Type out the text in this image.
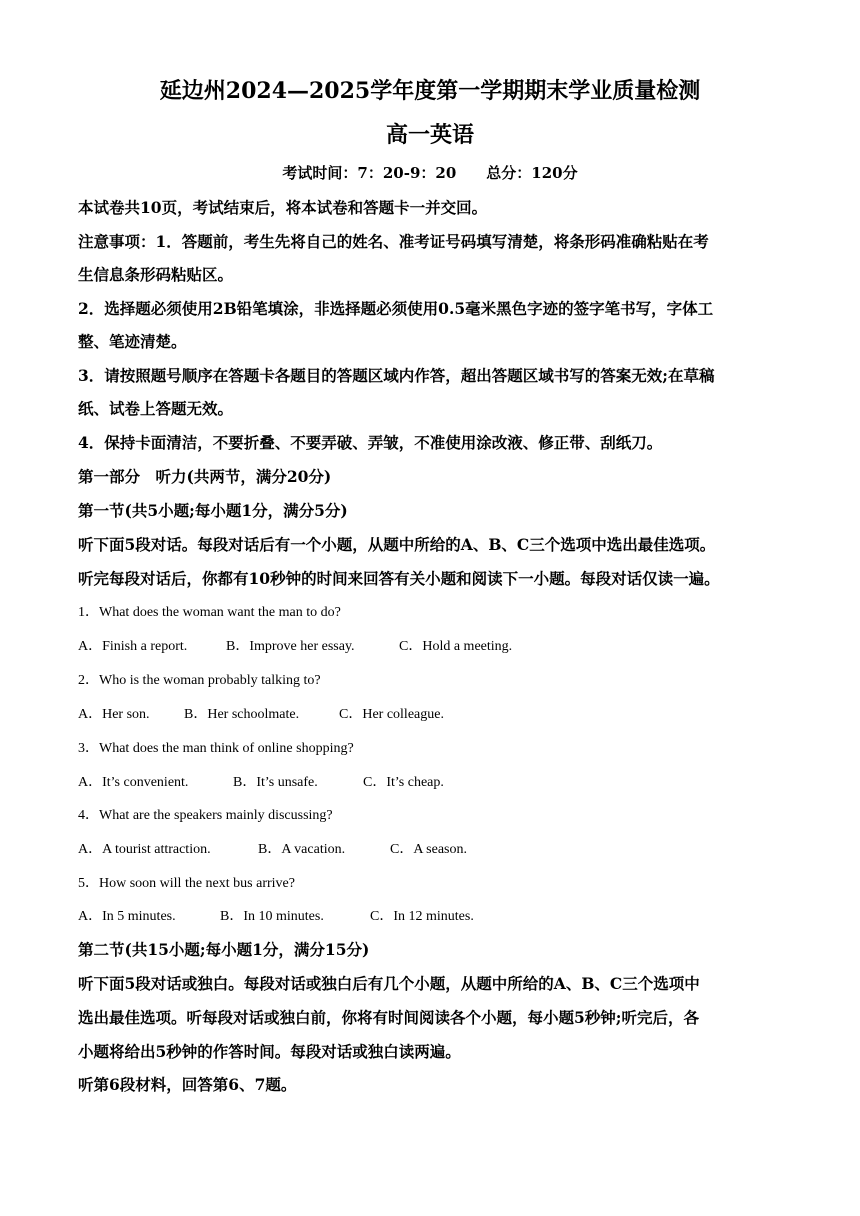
延边州2024—2025学年度第一学期期末学业质量检测
高一英语
考试时间：7：20-9：20　　总分：120分
本试卷共10页，考试结束后，将本试卷和答题卡一并交回。
注意事项：1．答题前，考生先将自己的姓名、准考证号码填写清楚，将条形码准确粘贴在考
生信息条形码粘贴区。
2．选择题必须使用2B铅笔填涂，非选择题必须使用0.5毫米黑色字迹的签字笔书写，字体工
整、笔迹清楚。
3．请按照题号顺序在答题卡各题目的答题区域内作答，超出答题区域书写的答案无效;在草稿
纸、试卷上答题无效。
4．保持卡面清洁，不要折叠、不要弄破、弄皱，不准使用涂改液、修正带、刮纸刀。
第一部分　听力(共两节，满分20分)
第一节(共5小题;每小题1分，满分5分)
听下面5段对话。每段对话后有一个小题，从题中所给的A、B、C三个选项中选出最佳选项。
听完每段对话后，你都有10秒钟的时间来回答有关小题和阅读下一小题。每段对话仅读一遍。
1．What does the woman want the man to do?
A．Finish a report.	B．Improve her essay.	C．Hold a meeting.
2．Who is the woman probably talking to?
A．Her son. B．Her schoolmate.	C．Her colleague.
3．What does the man think of online shopping?
A．It’s convenient.	B．It’s unsafe.	C．It’s cheap.
4．What are the speakers mainly discussing?
A．A tourist attraction.	B．A vacation.	C．A season.
5．How soon will the next bus arrive?
A．In 5 minutes.	B．In 10 minutes.	C．In 12 minutes.
第二节(共15小题;每小题1分，满分15分)
听下面5段对话或独白。每段对话或独白后有几个小题，从题中所给的A、B、C三个选项中
选出最佳选项。听每段对话或独白前，你将有时间阅读各个小题，每小题5秒钟;听完后，各
小题将给出5秒钟的作答时间。每段对话或独白读两遍。
听第6段材料，回答第6、7题。
